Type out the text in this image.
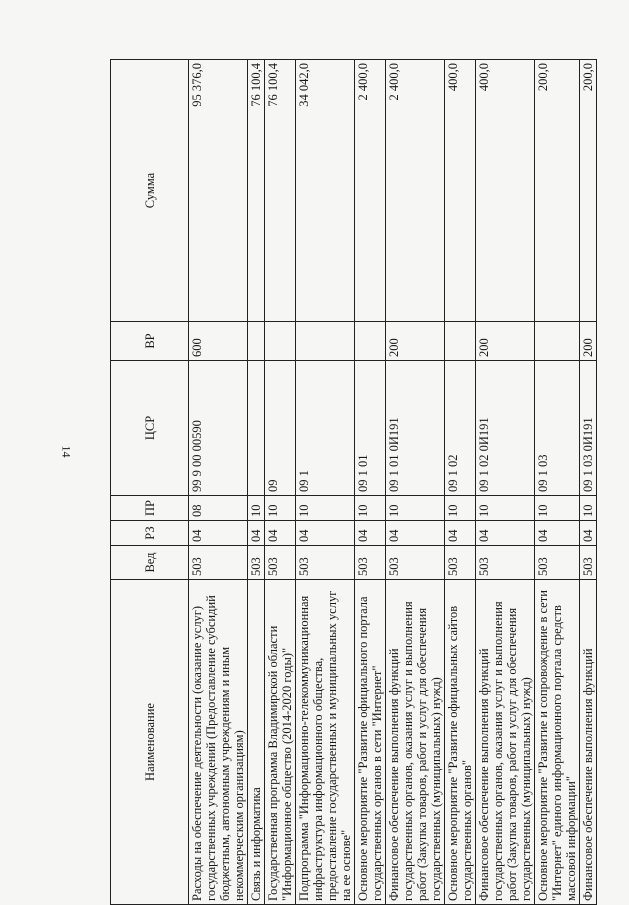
14
Наименование	Вед	РЗ	ПР	ЦСР	ВР	Сумма
Расходы на обеспечение деятельности (оказание услуг) государственных учреждений (Предоставление субсидий бюджетным, автономным учреждениям и иным некоммерческим организациям)	503	04	08	99 9 00 00590	600	95 376,0
Связь и информатика	503	04	10			76 100,4
Государственная программа Владимирской области "Информационное общество (2014-2020 годы)"	503	04	10	09		76 100,4
Подпрограмма "Информационно-телекоммуникационная инфраструктура информационного общества, предоставление государственных и муниципальных услуг на ее основе"	503	04	10	09 1		34 042,0
Основное мероприятие "Развитие официального портала государственных органов в сети "Интернет"	503	04	10	09 1 01		2 400,0
Финансовое обеспечение выполнения функций государственных органов, оказания услуг и выполнения работ (Закупка товаров, работ и услуг для обеспечения государственных (муниципальных) нужд)	503	04	10	09 1 01 0И191	200	2 400,0
Основное мероприятие "Развитие официальных сайтов государственных органов"	503	04	10	09 1 02		400,0
Финансовое обеспечение выполнения функций государственных органов, оказания услуг и выполнения работ (Закупка товаров, работ и услуг для обеспечения государственных (муниципальных) нужд)	503	04	10	09 1 02 0И191	200	400,0
Основное мероприятие "Развитие и сопровождение в сети "Интернет" единого информационного портала средств массовой информации"	503	04	10	09 1 03		200,0
Финансовое обеспечение выполнения функций	503	04	10	09 1 03 0И191	200	200,0
